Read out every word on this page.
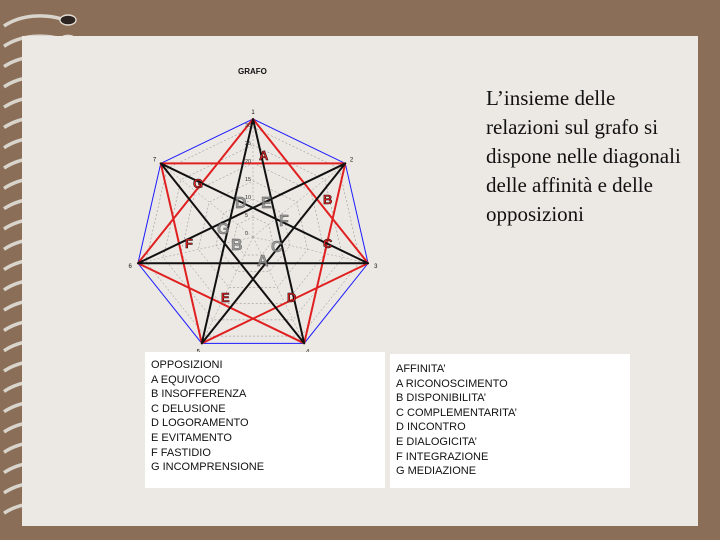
GRAFO
1
2
3
6
7
30
25
20
15
10
5
0
A
B
C
D
E
F
G
A
B C
D E
F
G
L’insieme delle relazioni sul grafo si dispone nelle diagonali delle affinità e delle opposizioni
OPPOSIZIONI
A EQUIVOCO
B INSOFFERENZA
C DELUSIONE
D LOGORAMENTO
E EVITAMENTO
F FASTIDIO
G INCOMPRENSIONE
AFFINITA’
A RICONOSCIMENTO
B DISPONIBILITA’
C COMPLEMENTARITA’
D INCONTRO
E DIALOGICITA’
F INTEGRAZIONE
G MEDIAZIONE
